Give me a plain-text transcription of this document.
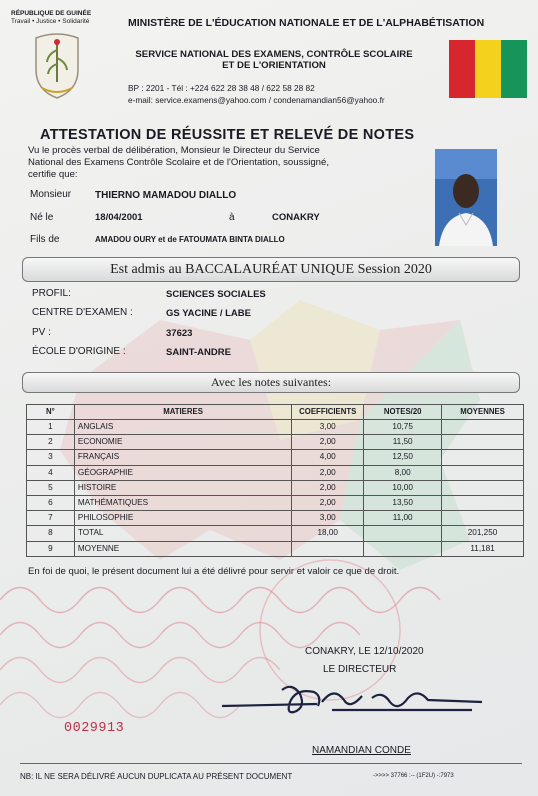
RÉPUBLIQUE DE GUINÉE
Travail • Justice • Solidarité	MINISTÈRE DE L'ÉDUCATION NATIONALE ET DE L'ALPHABÉTISATION
SERVICE NATIONAL DES EXAMENS, CONTRÔLE SCOLAIRE
ET DE L'ORIENTATION
BP : 2201 - Tél : +224 622 28 38 48 / 622 58 28 82
e-mail: service.examens@yahoo.com / condenamandian56@yahoo.fr
ATTESTATION DE RÉUSSITE ET RELEVÉ DE NOTES
Vu le procès verbal de délibération, Monsieur le Directeur du Service
National des Examens Contrôle Scolaire et de l'Orientation, soussigné,
certifie que:
Monsieur THIERNO MAMADOU DIALLO
Né le	18/04/2001	à	CONAKRY
Fils de	AMADOU OURY et de FATOUMATA BINTA DIALLO
Est admis au BACCALAURÉAT UNIQUE Session 2020
PROFIL:	SCIENCES SOCIALES
CENTRE D'EXAMEN :	GS YACINE / LABE
PV :	37623
ÉCOLE D'ORIGINE :	SAINT-ANDRE
Avec les notes suivantes:
N°	MATIERES	COEFFICIENTS	NOTES/20	MOYENNES
1	ANGLAIS	3,00	10,75	
2	ECONOMIE	2,00	11,50	
3	FRANÇAIS	4,00	12,50	
4	GÉOGRAPHIE	2,00	8,00	
5	HISTOIRE	2,00	10,00	
6	MATHÉMATIQUES	2,00	13,50	
7	PHILOSOPHIE	3,00	11,00	
8	TOTAL	18,00		201,250
9	MOYENNE			11,181
En foi de quoi, le présent document lui a été délivré pour servir et valoir ce que de droit.
CONAKRY, LE 12/10/2020
LE DIRECTEUR
NAMANDIAN CONDE
0029913
NB: IL NE SERA DÉLIVRÉ AUCUN DUPLICATA AU PRÉSENT DOCUMENT	->>>> 37766 :-- (1F2U) -:7973
